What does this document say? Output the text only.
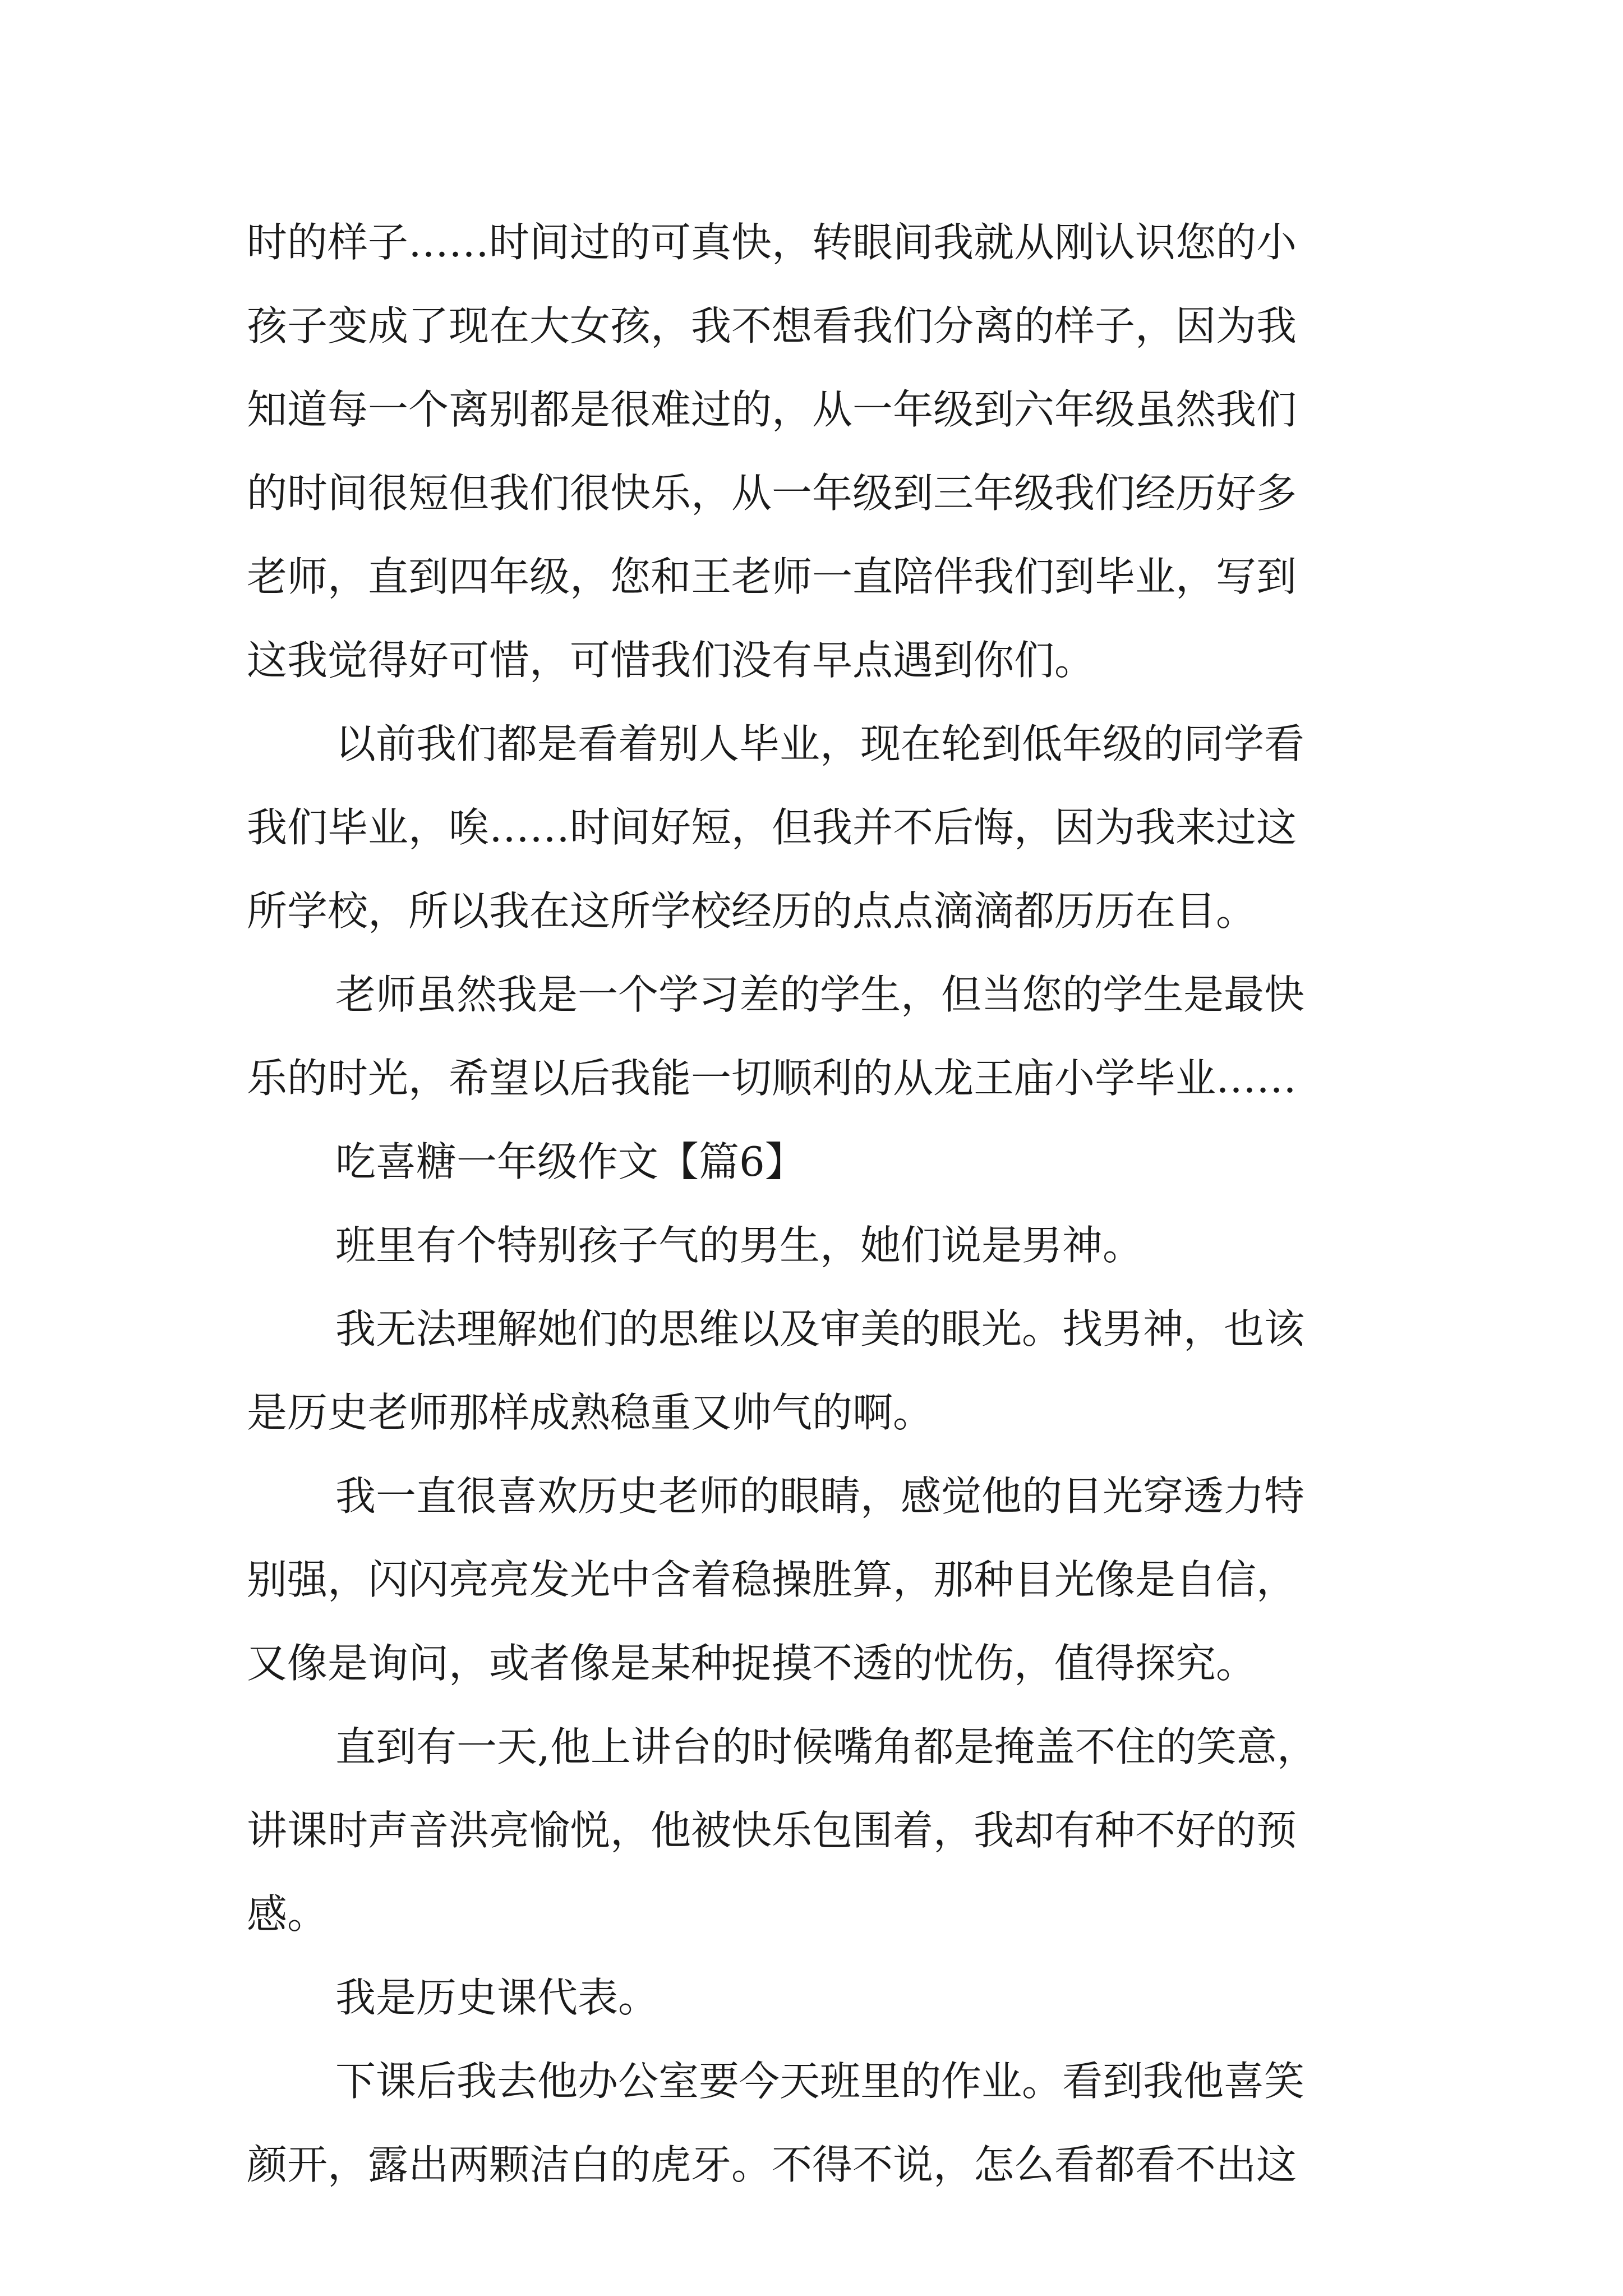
时的样子……时间过的可真快，转眼间我就从刚认识您的小
孩子变成了现在大女孩，我不想看我们分离的样子，因为我
知道每一个离别都是很难过的，从一年级到六年级虽然我们
的时间很短但我们很快乐，从一年级到三年级我们经历好多
老师，直到四年级，您和王老师一直陪伴我们到毕业，写到
这我觉得好可惜，可惜我们没有早点遇到你们。
以前我们都是看着别人毕业，现在轮到低年级的同学看
我们毕业，唉……时间好短，但我并不后悔，因为我来过这
所学校，所以我在这所学校经历的点点滴滴都历历在目。
老师虽然我是一个学习差的学生，但当您的学生是最快
乐的时光，希望以后我能一切顺利的从龙王庙小学毕业……
吃喜糖一年级作文【篇6】
班里有个特别孩子气的男生，她们说是男神。
我无法理解她们的思维以及审美的眼光。找男神，也该
是历史老师那样成熟稳重又帅气的啊。
我一直很喜欢历史老师的眼睛，感觉他的目光穿透力特
别强，闪闪亮亮发光中含着稳操胜算，那种目光像是自信，
又像是询问，或者像是某种捉摸不透的忧伤，值得探究。
直到有一天,他上讲台的时候嘴角都是掩盖不住的笑意，
讲课时声音洪亮愉悦，他被快乐包围着，我却有种不好的预
感。
我是历史课代表。
下课后我去他办公室要今天班里的作业。看到我他喜笑
颜开，露出两颗洁白的虎牙。不得不说，怎么看都看不出这
